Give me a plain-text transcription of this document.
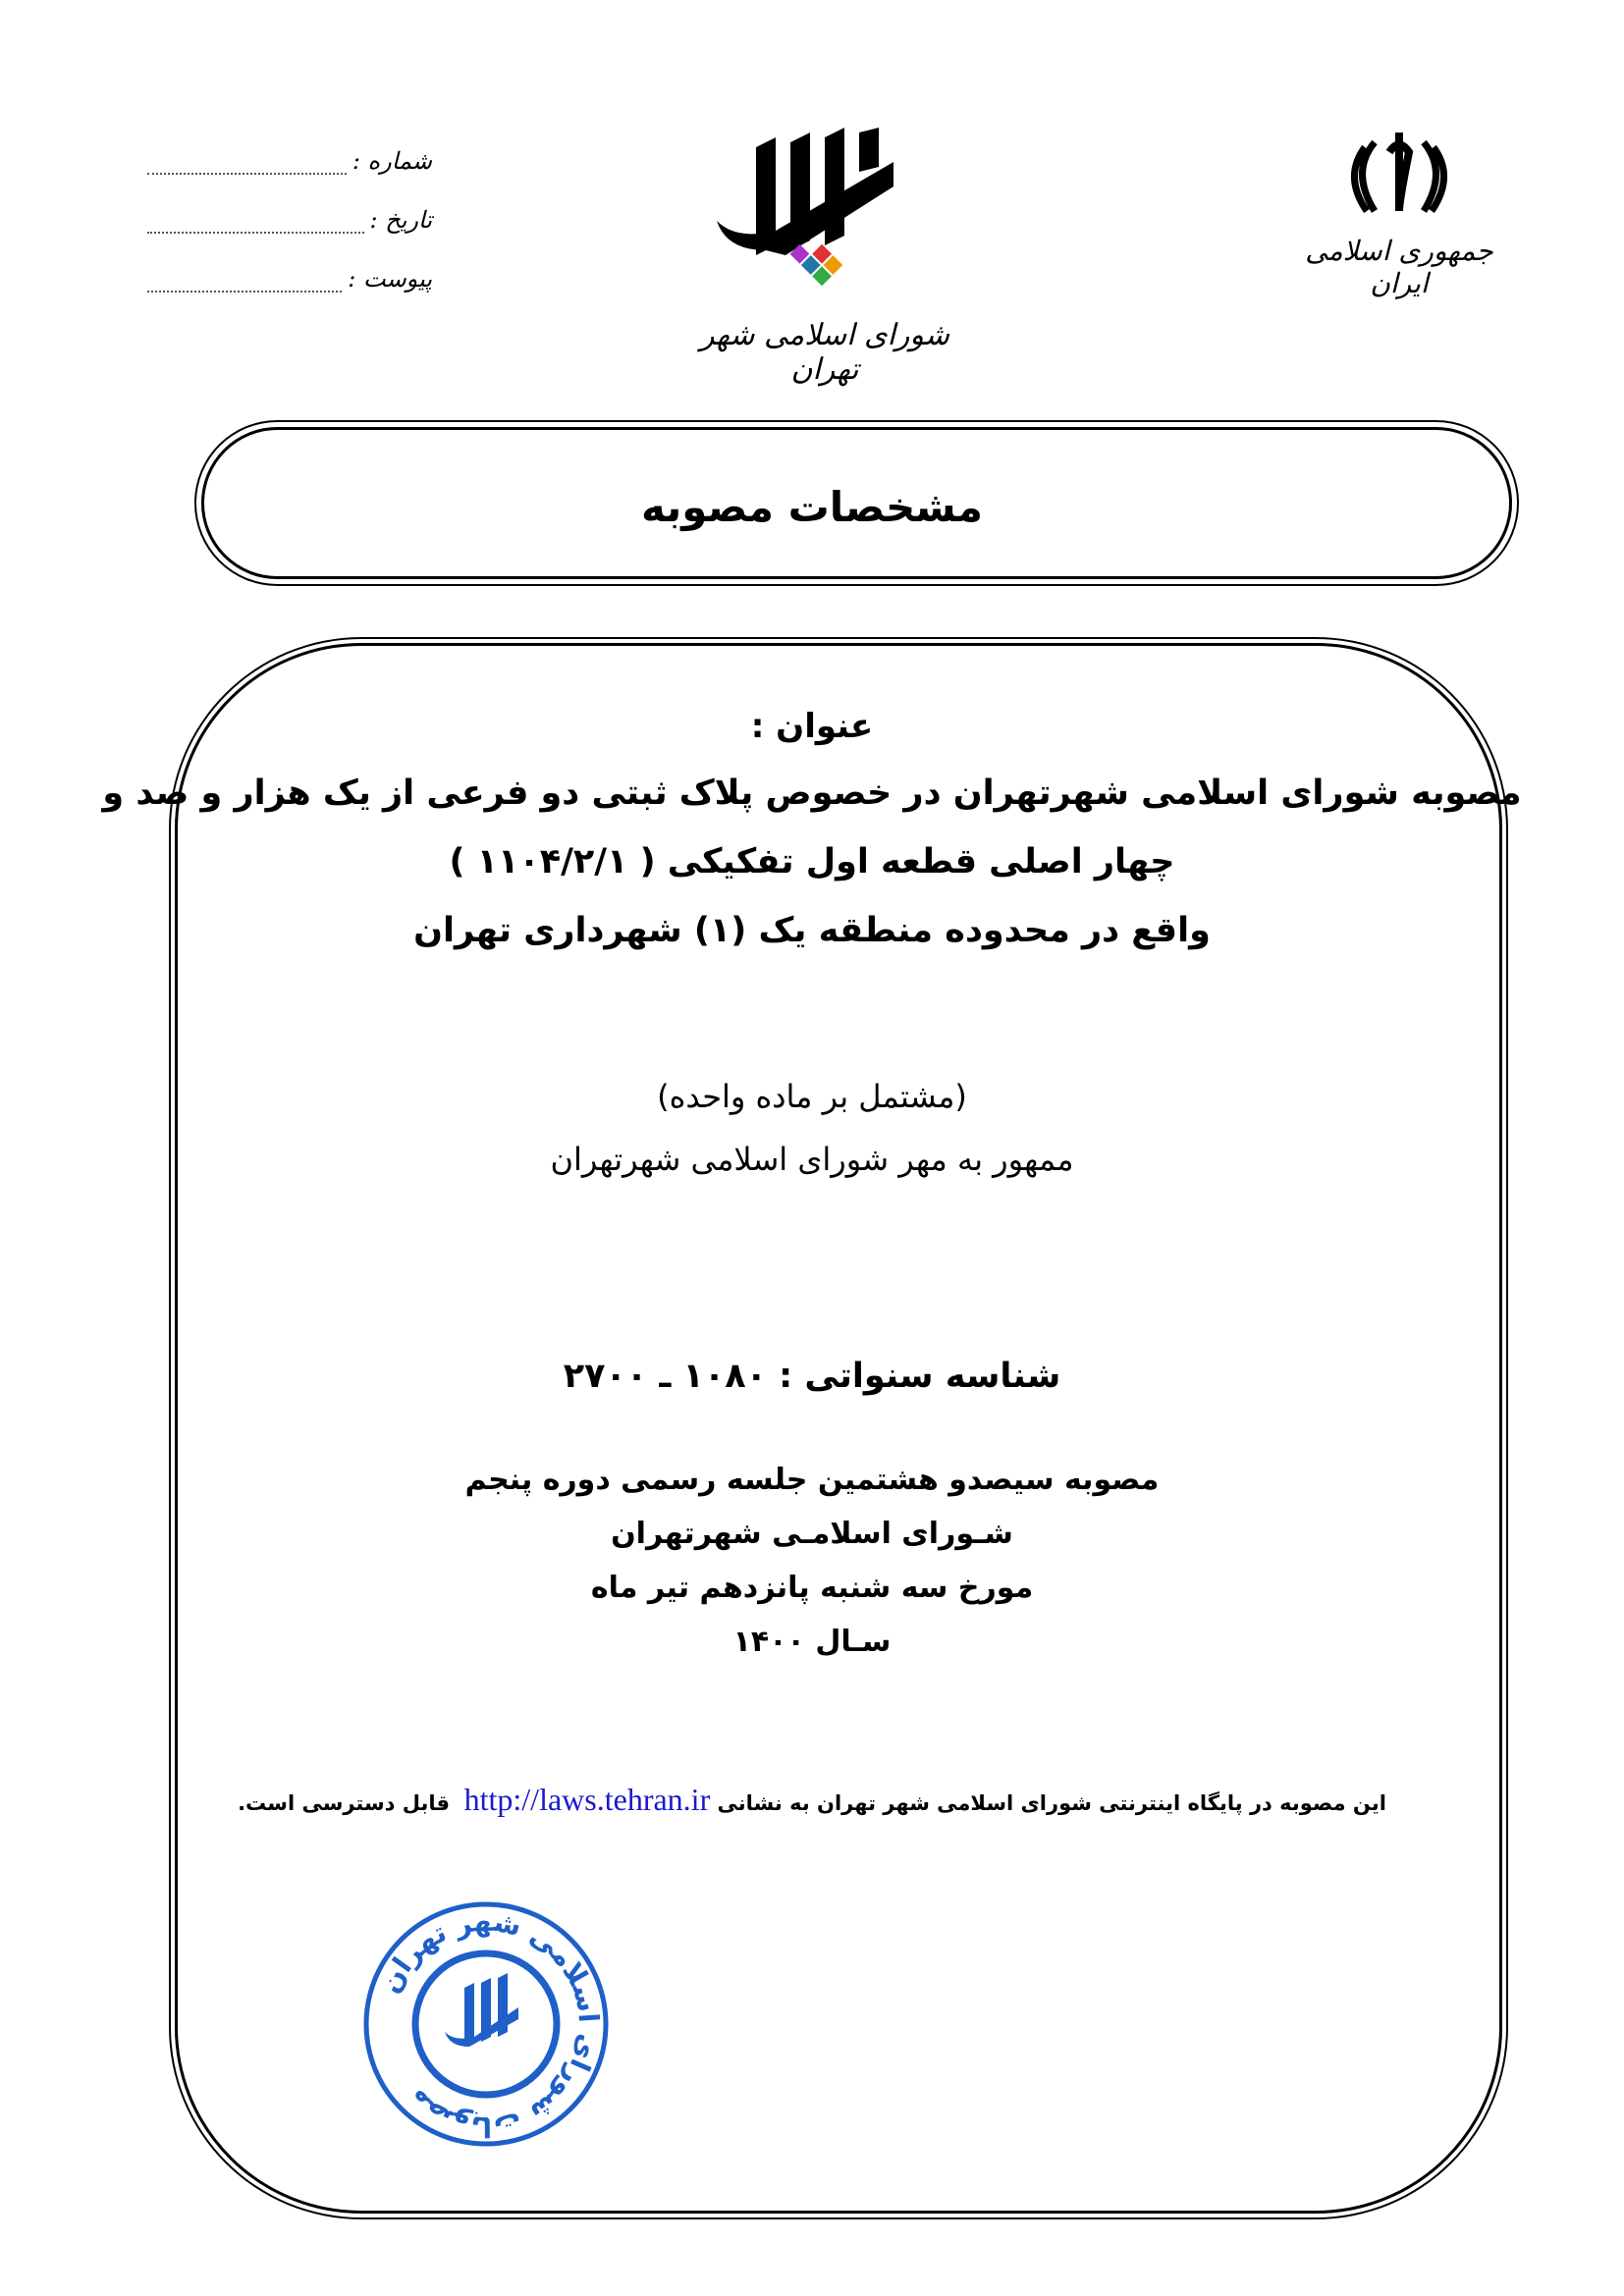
شماره :
تاریخ :
پیوست :
شورای اسلامی شهر تهران
جمهوری اسلامی ایران
مشخصات مصوبه
عنوان :
مصوبه شورای اسلامی شهرتهران در خصوص پلاک ثبتی دو فرعی از یک هزار و صد و
چهار اصلی قطعه اول تفکیکی ( ۱۱۰۴/۲/۱ )
واقع در محدوده منطقه یک (۱) شهرداری تهران
(مشتمل بر ماده واحده)
ممهور به مهر شورای اسلامی شهرتهران
شناسه سنواتی : ۱۰۸۰ ـ ۲۷۰۰
مصوبه سیصدو هشتمین جلسه رسمی دوره پنجم
شـورای اسلامـی شهرتهران
مورخ سه شنبه پانزدهم تیر ماه
سـال ۱۴۰۰
این مصوبه در پایگاه اینترنتی شورای اسلامی شهر تهران به نشانی http://laws.tehran.ir  قابل دسترسی است.
مصوبات شورای اسلامی شهر تهران
